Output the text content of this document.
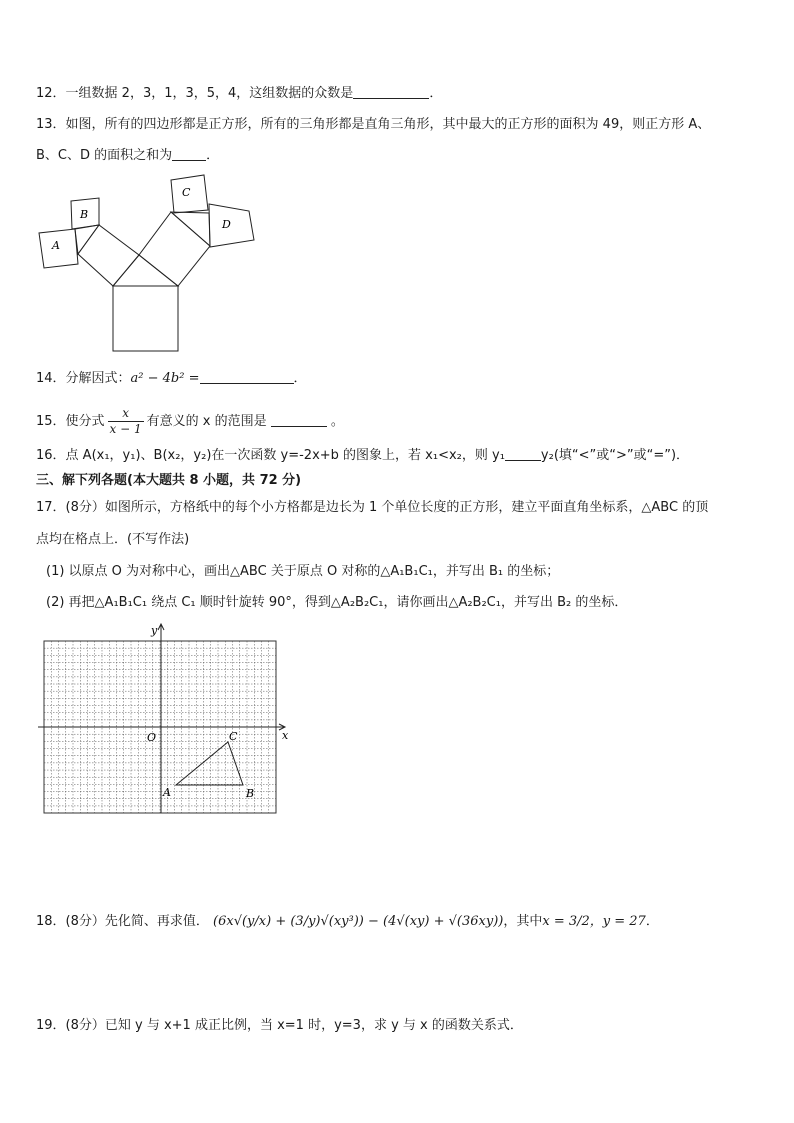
12．一组数据 2，3，1，3，5，4，这组数据的众数是	．
13．如图，所有的四边形都是正方形，所有的三角形都是直角三角形，其中最大的正方形的面积为 49，则正方形 A、
B、C、D 的面积之和为	．
A
B
C
D
14．分解因式：a² − 4b² =	．
15．使分式 $\frac{x}{x - 1}$ 有意义的 x 的范围是	。
16．点 A(x₁，y₁)、B(x₂，y₂)在一次函数 y=-2x+b 的图象上，若 x₁<x₂，则 y₁	y₂(填“<”或“>”或“=”)．
三、解下列各题(本大题共 8 小题，共 72 分)
17．(8分）如图所示，方格纸中的每个小方格都是边长为 1 个单位长度的正方形，建立平面直角坐标系，△ABC 的顶
点均在格点上．(不写作法)
(1) 以原点 O 为对称中心，画出△ABC 关于原点 O 对称的△A₁B₁C₁，并写出 B₁ 的坐标；
(2) 再把△A₁B₁C₁ 绕点 C₁ 顺时针旋转 90°，得到△A₂B₂C₁，请你画出△A₂B₂C₁，并写出 B₂ 的坐标．
x
y
O
A	B
C
18．(8分）先化简、再求值． (6x√(y/x) + (3/y)√(xy³)) − (4√(xy) + √(36xy))，其中x = 3/2，y = 27．
19．(8分）已知 y 与 x+1 成正比例，当 x=1 时，y=3，求 y 与 x 的函数关系式．
